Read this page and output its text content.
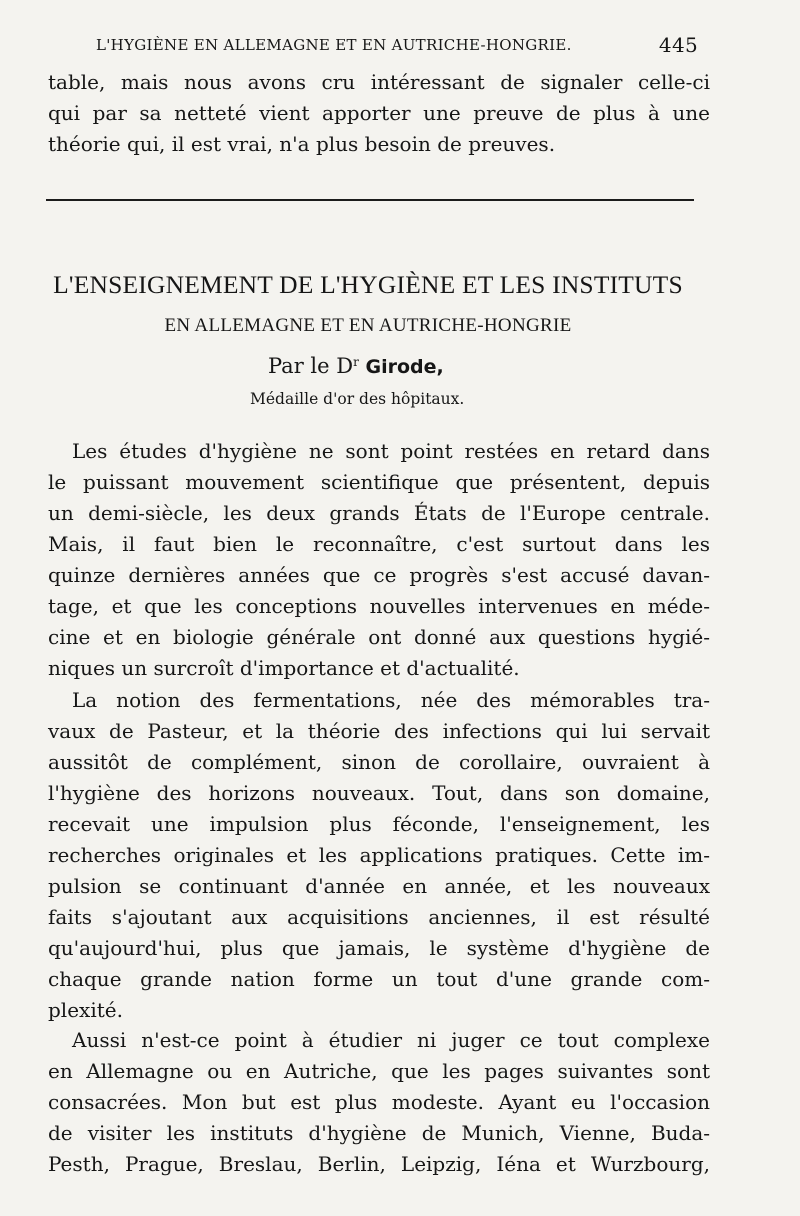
L'HYGIÈNE EN ALLEMAGNE ET EN AUTRICHE-HONGRIE.	445
table, mais nous avons cru intéressant de signaler celle-ci
qui par sa netteté vient apporter une preuve de plus à une
théorie qui, il est vrai, n'a plus besoin de preuves.
L'ENSEIGNEMENT DE L'HYGIÈNE ET LES INSTITUTS
EN ALLEMAGNE ET EN AUTRICHE-HONGRIE
Par le $D^r$ Girode,
Médaille d'or des hôpitaux.
Les études d'hygiène ne sont point restées en retard dans
le puissant mouvement scientifique que présentent, depuis
un demi-siècle, les deux grands États de l'Europe centrale.
Mais, il faut bien le reconnaître, c'est surtout dans les
quinze dernières années que ce progrès s'est accusé davan-
tage, et que les conceptions nouvelles intervenues en méde-
cine et en biologie générale ont donné aux questions hygié-
niques un surcroît d'importance et d'actualité.
La notion des fermentations, née des mémorables tra-
vaux de Pasteur, et la théorie des infections qui lui servait
aussitôt de complément, sinon de corollaire, ouvraient à
l'hygiène des horizons nouveaux. Tout, dans son domaine,
recevait une impulsion plus féconde, l'enseignement, les
recherches originales et les applications pratiques. Cette im-
pulsion se continuant d'année en année, et les nouveaux
faits s'ajoutant aux acquisitions anciennes, il est résulté
qu'aujourd'hui, plus que jamais, le système d'hygiène de
chaque grande nation forme un tout d'une grande com-
plexité.
Aussi n'est-ce point à étudier ni juger ce tout complexe
en Allemagne ou en Autriche, que les pages suivantes sont
consacrées. Mon but est plus modeste. Ayant eu l'occasion
de visiter les instituts d'hygiène de Munich, Vienne, Buda-
Pesth, Prague, Breslau, Berlin, Leipzig, Iéna et Wurzbourg,
